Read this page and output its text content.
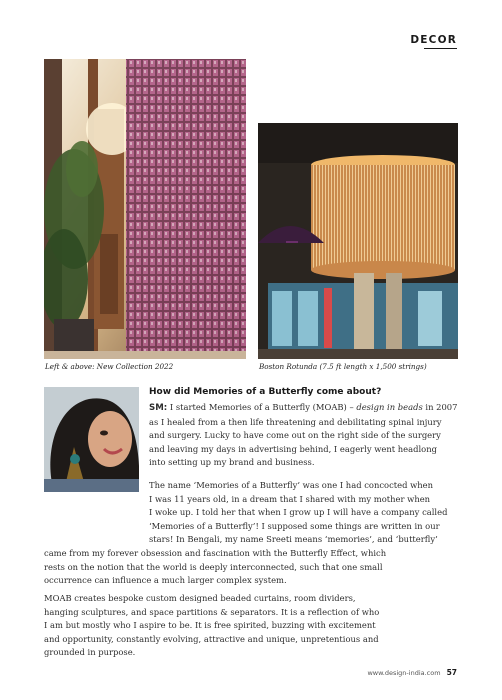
DECOR
Left & above: New Collection 2022	Boston Rotunda (7.5 ft length x 1,500 strings)
How did Memories of a Butterfly come about?
SM: I started Memories of a Butterfly (MOAB) – design in beads in 2007
as I healed from a then life threatening and debilitating spinal injury
and surgery. Lucky to have come out on the right side of the surgery
and leaving my days in advertising behind, I eagerly went headlong
into setting up my brand and business.
The name ‘Memories of a Butterfly’ was one I had concocted when
I was 11 years old, in a dream that I shared with my mother when
I woke up. I told her that when I grow up I will have a company called
‘Memories of a Butterfly’! I supposed some things are written in our
stars! In Bengali, my name Sreeti means ‘memories’, and ‘butterfly’
came from my forever obsession and fascination with the Butterfly Effect, which
rests on the notion that the world is deeply interconnected, such that one small
occurrence can influence a much larger complex system.
MOAB creates bespoke custom designed beaded curtains, room dividers,
hanging sculptures, and space partitions & separators. It is a reflection of who
I am but mostly who I aspire to be. It is free spirited, buzzing with excitement
and opportunity, constantly evolving, attractive and unique, unpretentious and
grounded in purpose.
www.design-india.com 57
